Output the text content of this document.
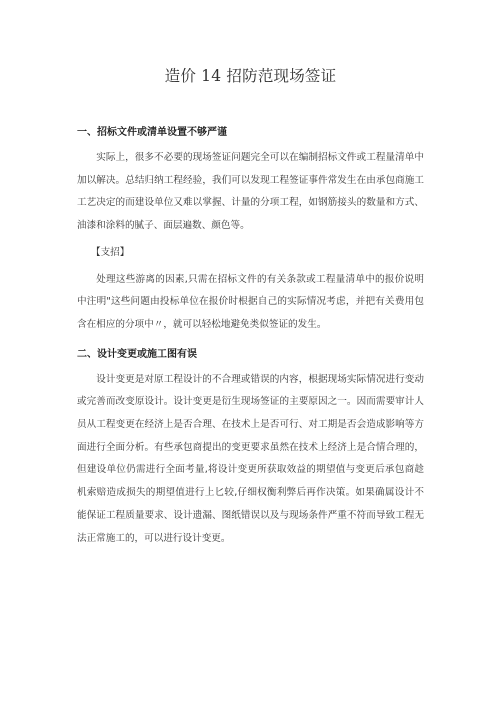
造价 14 招防范现场签证
一、招标文件或清单设置不够严谨

实际上，很多不必要的现场签证问题完全可以在编制招标文件或工程量清单中加以解决。总结归纳工程经验，我们可以发现工程签证事件常发生在由承包商施工工艺决定的而建设单位又难以掌握、计量的分项工程，如钢筋接头的数量和方式、油漆和涂料的腻子、面层遍数、颜色等。

【支招】

处理这些游离的因素,只需在招标文件的有关条款或工程量清单中的报价说明中注明"这些问题由投标单位在报价时根据自己的实际情况考虑，并把有关费用包含在相应的分项中〃，就可以轻松地避免类似签证的发生。

二、设计变更或施工图有误

设计变更是对原工程设计的不合理或错误的内容，根据现场实际情况进行变动或完善而改变原设计。设计变更是衍生现场签证的主要原因之一。因而需要审计人员从工程变更在经济上是否合理、在技术上是否可行、对工期是否会造成影响等方面进行全面分析。有些承包商提出的变更要求虽然在技术上经济上是合情合理的，但建设单位仍需进行全面考量,将设计变更所获取效益的期望值与变更后承包商趁机索赔造成损失的期望值进行上匕较,仔细权衡利弊后再作决策。如果确属设计不能保证工程质量要求、设计遗漏、图纸错误以及与现场条件严重不符而导致工程无法正常施工的，可以进行设计变更。
